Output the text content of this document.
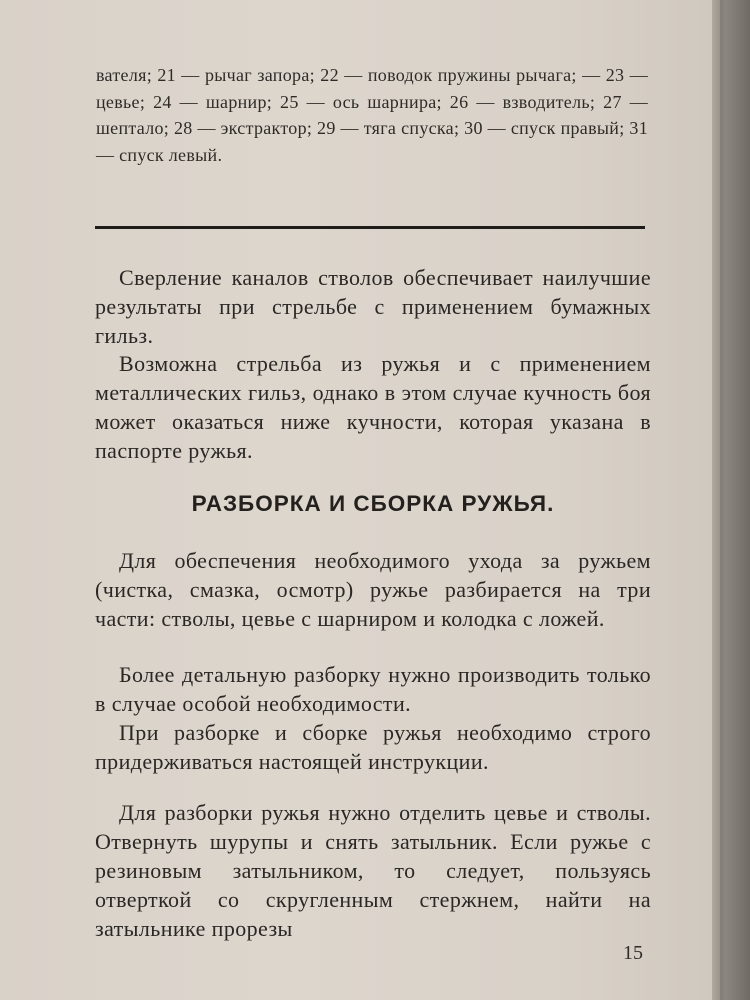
вателя; 21 — рычаг запора; 22 — поводок пружины рычага; — 23 — цевье; 24 — шарнир; 25 — ось шарнира; 26 — взводитель; 27 — шептало; 28 — экстрактор; 29 — тяга спуска; 30 — спуск правый; 31 — спуск левый.

Сверление каналов стволов обеспечивает наилучшие результаты при стрельбе с применением бумажных гильз.

Возможна стрельба из ружья и с применением металлических гильз, однако в этом случае кучность боя может оказаться ниже кучности, которая указана в паспорте ружья.

РАЗБОРКА И СБОРКА РУЖЬЯ.

Для обеспечения необходимого ухода за ружьем (чистка, смазка, осмотр) ружье разбирается на три части: стволы, цевье с шарниром и колодка с ложей.

Более детальную разборку нужно производить только в случае особой необходимости.

При разборке и сборке ружья необходимо строго придерживаться настоящей инструкции.

Для разборки ружья нужно отделить цевье и стволы. Отвернуть шурупы и снять затыльник. Если ружье с резиновым затыльником, то следует, пользуясь отверткой со скругленным стержнем, найти на затыльнике прорезы

15
